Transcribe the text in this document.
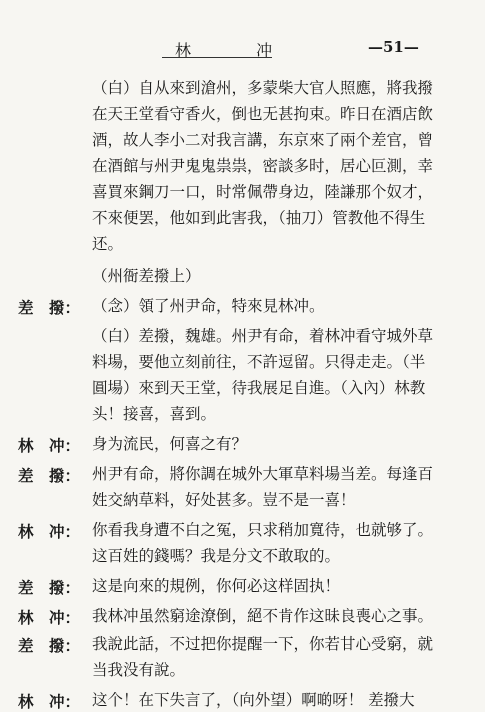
林 冲	—51—
（白）自从來到滄州，多蒙柴大官人照應，將我撥
在天王堂看守香火，倒也无甚拘束。昨日在酒店飲
酒，故人李小二对我言講，东京來了兩个差官，曾
在酒館与州尹鬼鬼祟祟，密談多时，居心叵測，幸
喜買來鋼刀一口，时常佩帶身边，陸謙那个奴才，
不來便罢，他如到此害我，（抽刀）管教他不得生
还。
（州衙差撥上）
差　撥： （念）領了州尹命，特來見林冲。
（白）差撥，魏雄。州尹有命，着林冲看守城外草
料場，要他立刻前往，不許逗留。只得走走。（半
圓場）來到天王堂，待我展足自進。（入內）林教
头！接喜，喜到。
林　冲： 身为流民，何喜之有？
差　撥： 州尹有命，將你調在城外大軍草料場当差。每逢百
姓交納草料，好处甚多。豈不是一喜！
林　冲： 你看我身遭不白之冤，只求稍加寬待，也就够了。
这百姓的錢嗎？我是分文不敢取的。
差　撥： 这是向來的規例，你何必这样固执！
林　冲： 我林冲虽然窮途潦倒，絕不肯作这昧良喪心之事。
差　撥： 我說此話，不过把你提醒一下，你若甘心受窮，就
当我没有說。
林　冲： 这个！在下失言了，（向外望）啊啲呀！ 差撥大
